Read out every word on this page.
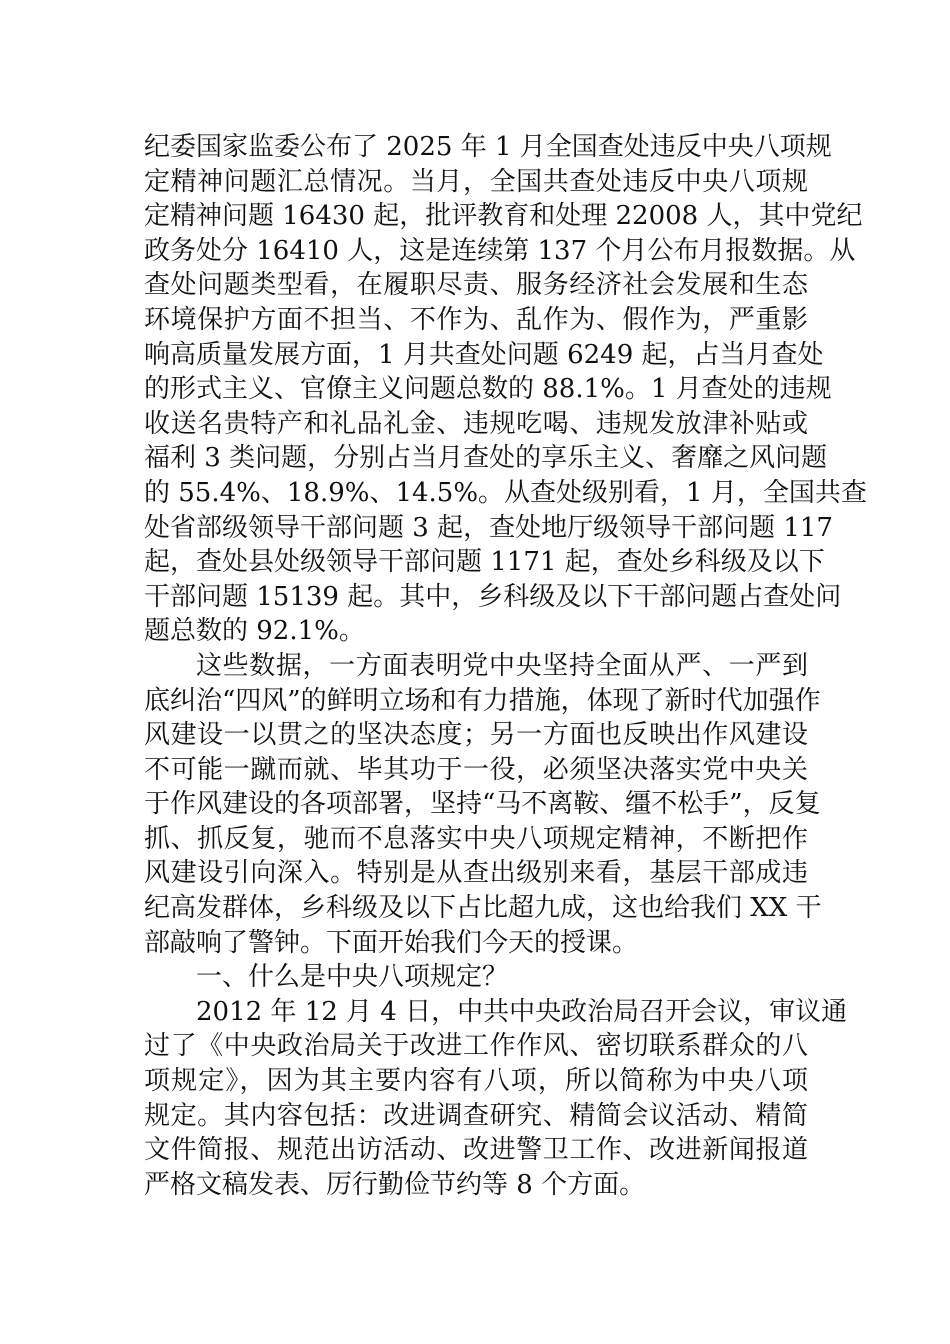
纪委国家监委公布了 2025 年 1 月全国查处违反中央八项规
定精神问题汇总情况。当月，全国共查处违反中央八项规
定精神问题 16430 起，批评教育和处理 22008 人，其中党纪
政务处分 16410 人，这是连续第 137 个月公布月报数据。从
查处问题类型看，在履职尽责、服务经济社会发展和生态
环境保护方面不担当、不作为、乱作为、假作为，严重影
响高质量发展方面，1 月共查处问题 6249 起，占当月查处
的形式主义、官僚主义问题总数的 88.1%。1 月查处的违规
收送名贵特产和礼品礼金、违规吃喝、违规发放津补贴或
福利 3 类问题，分别占当月查处的享乐主义、奢靡之风问题
的 55.4%、18.9%、14.5%。从查处级别看，1 月，全国共查
处省部级领导干部问题 3 起，查处地厅级领导干部问题 117
起，查处县处级领导干部问题 1171 起，查处乡科级及以下
干部问题 15139 起。其中，乡科级及以下干部问题占查处问
题总数的 92.1%。
这些数据，一方面表明党中央坚持全面从严、一严到
底纠治“四风”的鲜明立场和有力措施，体现了新时代加强作
风建设一以贯之的坚决态度；另一方面也反映出作风建设
不可能一蹴而就、毕其功于一役，必须坚决落实党中央关
于作风建设的各项部署，坚持“马不离鞍、缰不松手”，反复
抓、抓反复，驰而不息落实中央八项规定精神，不断把作
风建设引向深入。特别是从查出级别来看，基层干部成违
纪高发群体，乡科级及以下占比超九成，这也给我们 XX 干
部敲响了警钟。下面开始我们今天的授课。
一、什么是中央八项规定？
2012 年 12 月 4 日，中共中央政治局召开会议，审议通
过了《中央政治局关于改进工作作风、密切联系群众的八
项规定》，因为其主要内容有八项，所以简称为中央八项
规定。其内容包括：改进调查研究、精简会议活动、精简
文件简报、规范出访活动、改进警卫工作、改进新闻报道
严格文稿发表、厉行勤俭节约等 8 个方面。
